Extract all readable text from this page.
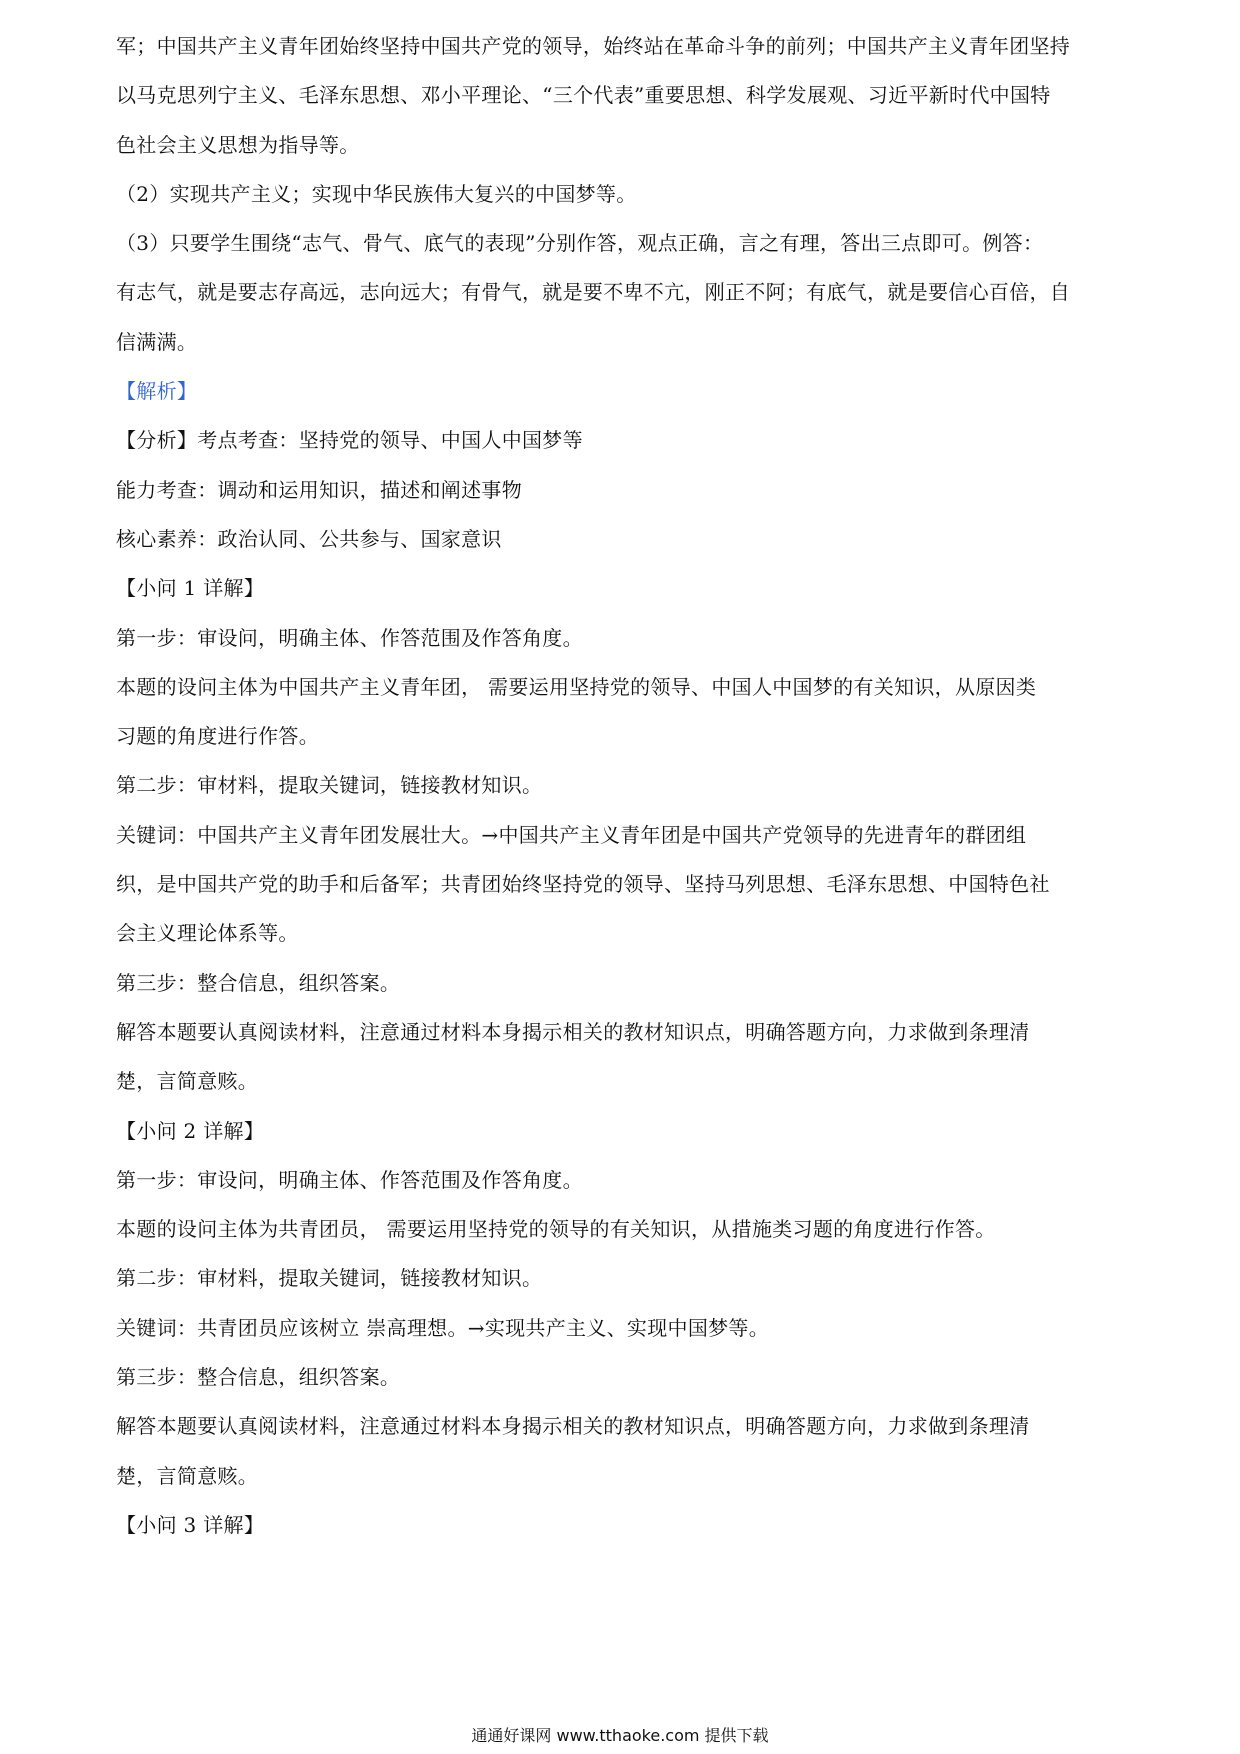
军；中国共产主义青年团始终坚持中国共产党的领导，始终站在革命斗争的前列；中国共产主义青年团坚持
以马克思列宁主义、毛泽东思想、邓小平理论、“三个代表”重要思想、科学发展观、习近平新时代中国特
色社会主义思想为指导等。
（2）实现共产主义；实现中华民族伟大复兴的中国梦等。
（3）只要学生围绕“志气、骨气、底气的表现”分别作答，观点正确，言之有理，答出三点即可。例答：
有志气，就是要志存高远，志向远大；有骨气，就是要不卑不亢，刚正不阿；有底气，就是要信心百倍，自
信满满。
【解析】
【分析】考点考查：坚持党的领导、中国人中国梦等
能力考查：调动和运用知识，描述和阐述事物
核心素养：政治认同、公共参与、国家意识
【小问 1 详解】
第一步：审设问，明确主体、作答范围及作答角度。
本题的设问主体为中国共产主义青年团， 需要运用坚持党的领导、中国人中国梦的有关知识，从原因类
习题的角度进行作答。
第二步：审材料，提取关键词，链接教材知识。
关键词：中国共产主义青年团发展壮大。→中国共产主义青年团是中国共产党领导的先进青年的群团组
织，是中国共产党的助手和后备军；共青团始终坚持党的领导、坚持马列思想、毛泽东思想、中国特色社
会主义理论体系等。
第三步：整合信息，组织答案。
解答本题要认真阅读材料，注意通过材料本身揭示相关的教材知识点，明确答题方向，力求做到条理清
楚，言简意赅。
【小问 2 详解】
第一步：审设问，明确主体、作答范围及作答角度。
本题的设问主体为共青团员， 需要运用坚持党的领导的有关知识，从措施类习题的角度进行作答。
第二步：审材料，提取关键词，链接教材知识。
关键词：共青团员应该树立 崇高理想。→实现共产主义、实现中国梦等。
第三步：整合信息，组织答案。
解答本题要认真阅读材料，注意通过材料本身揭示相关的教材知识点，明确答题方向，力求做到条理清
楚，言简意赅。
【小问 3 详解】
通通好课网 www.tthaoke.com 提供下载
